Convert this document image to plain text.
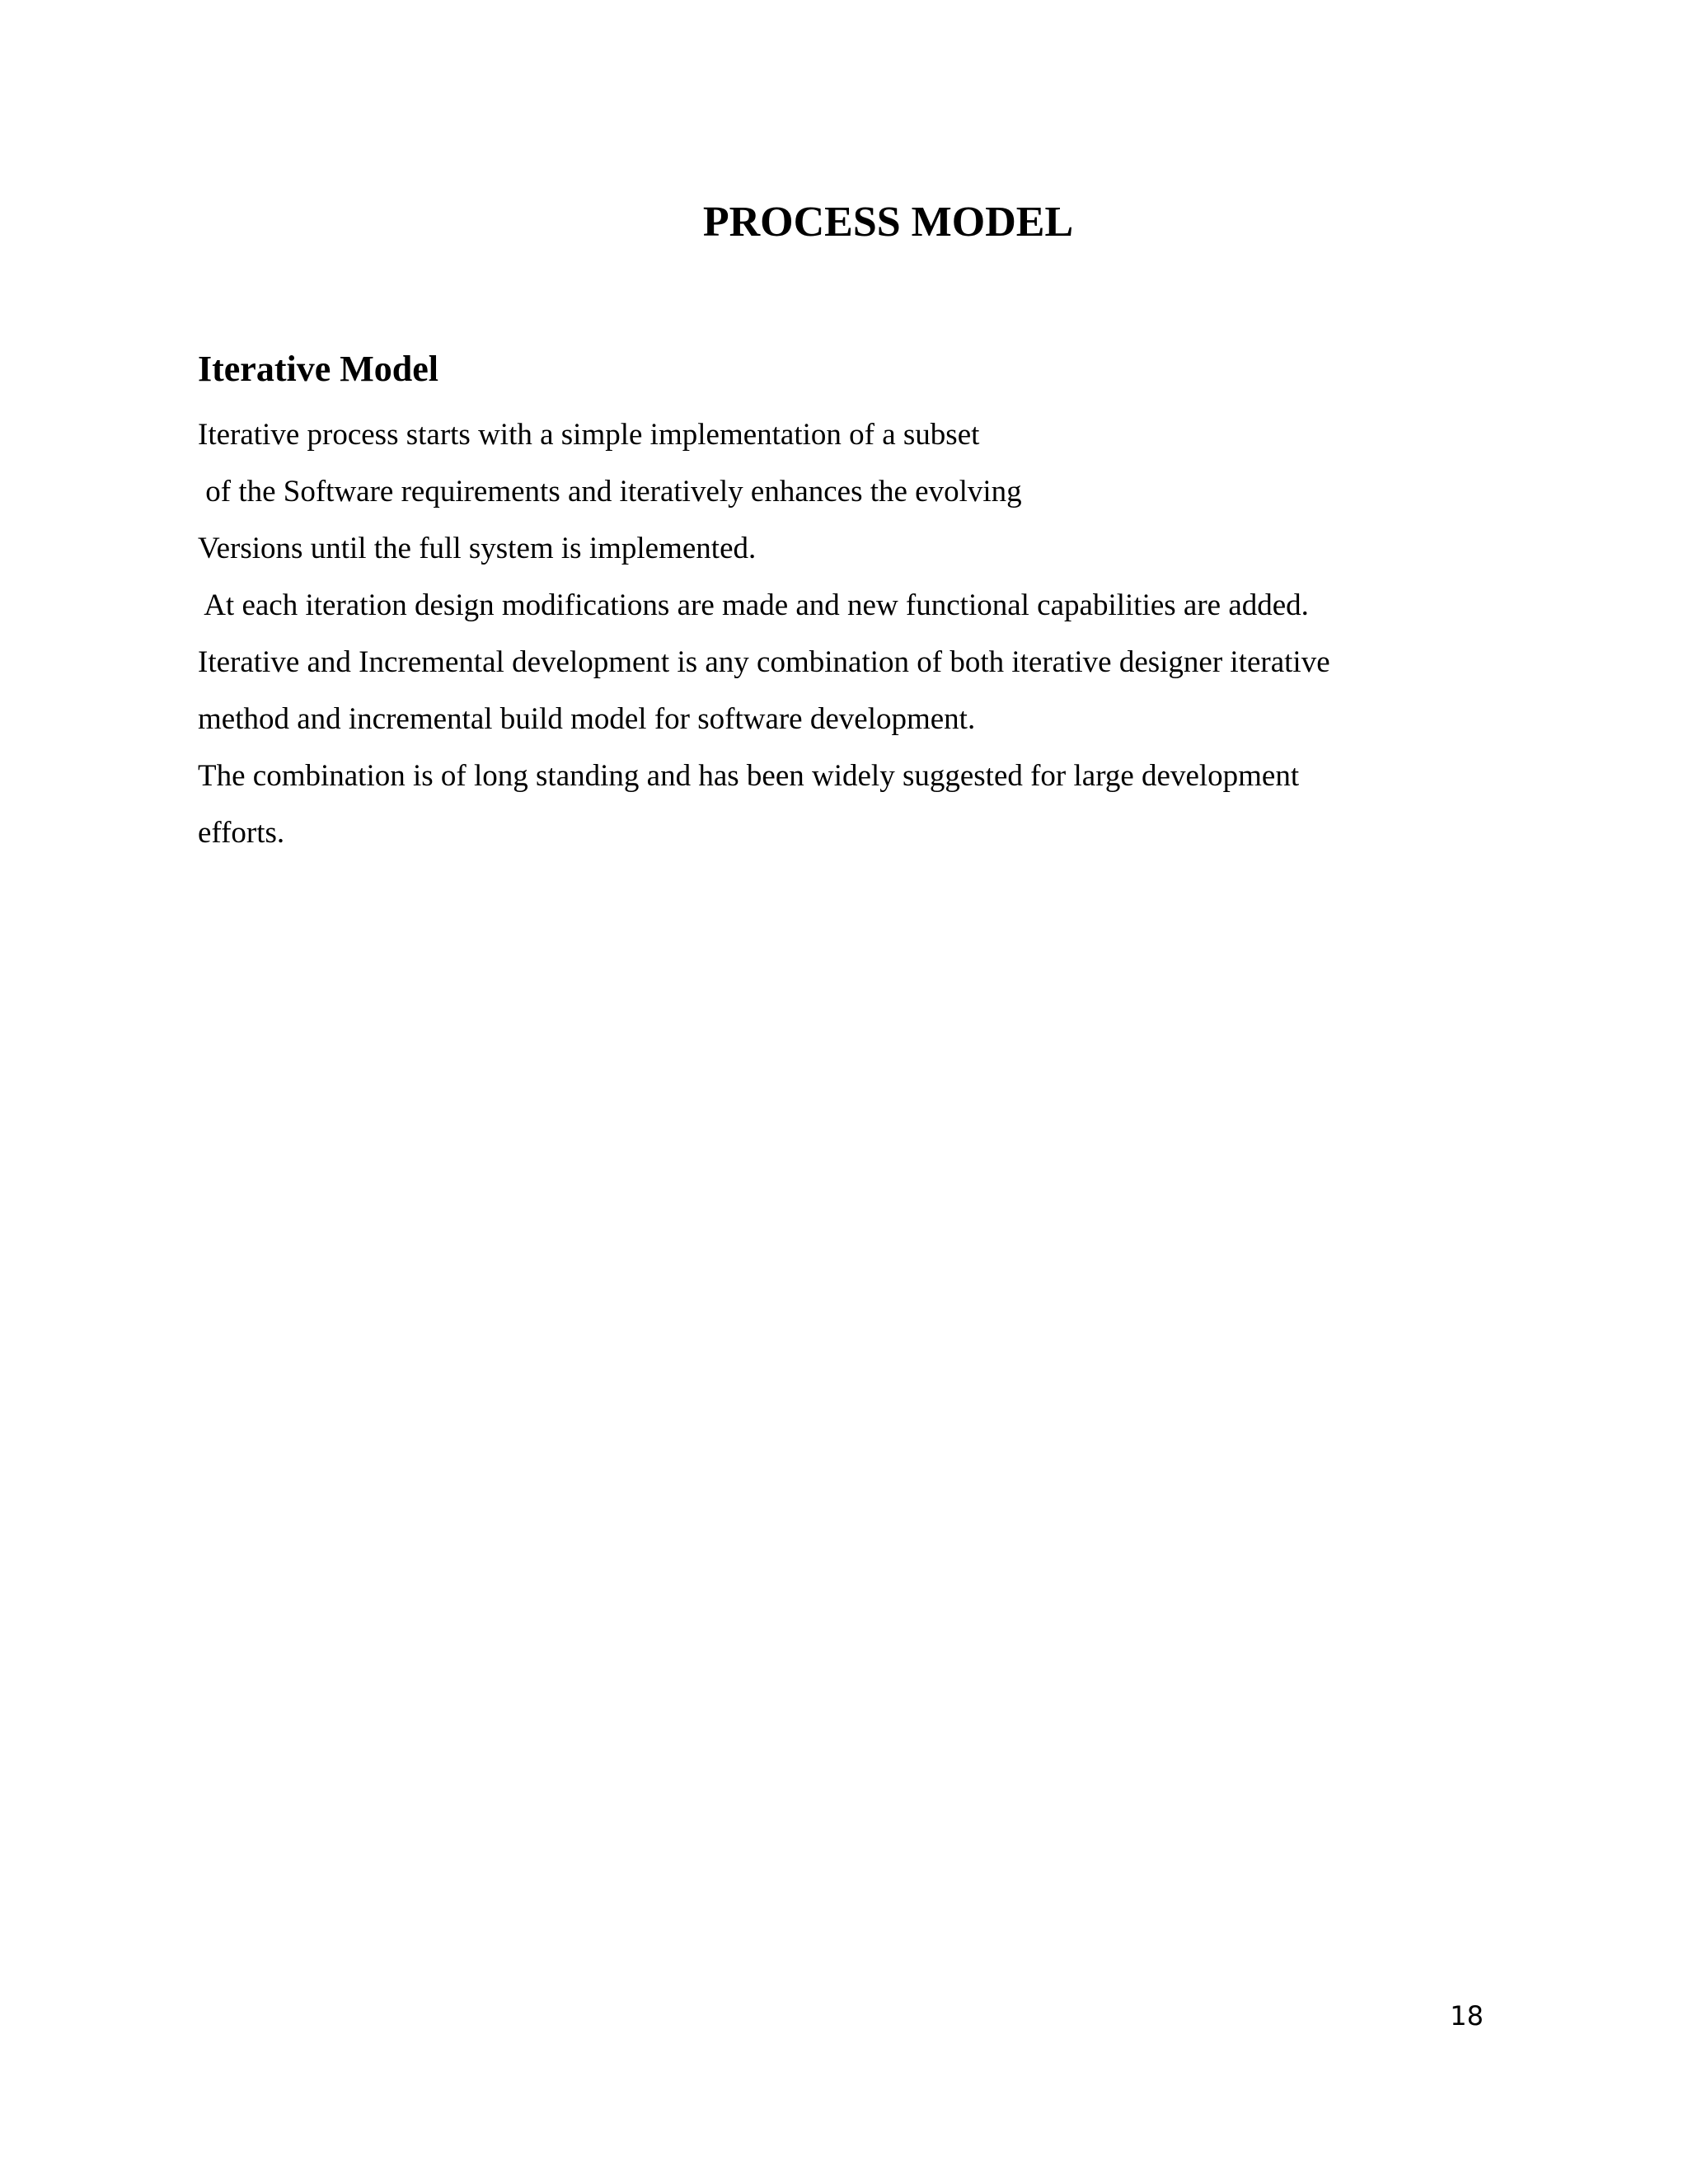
PROCESS MODEL
Iterative Model
Iterative process starts with a simple implementation of a subset
of the Software requirements and iteratively enhances the evolving
Versions until the full system is implemented.
At each iteration design modifications are made and new functional capabilities are added.
Iterative and Incremental development is any combination of both iterative designer iterative
method and incremental build model for software development.
The combination is of long standing and has been widely suggested for large development
efforts.
18
